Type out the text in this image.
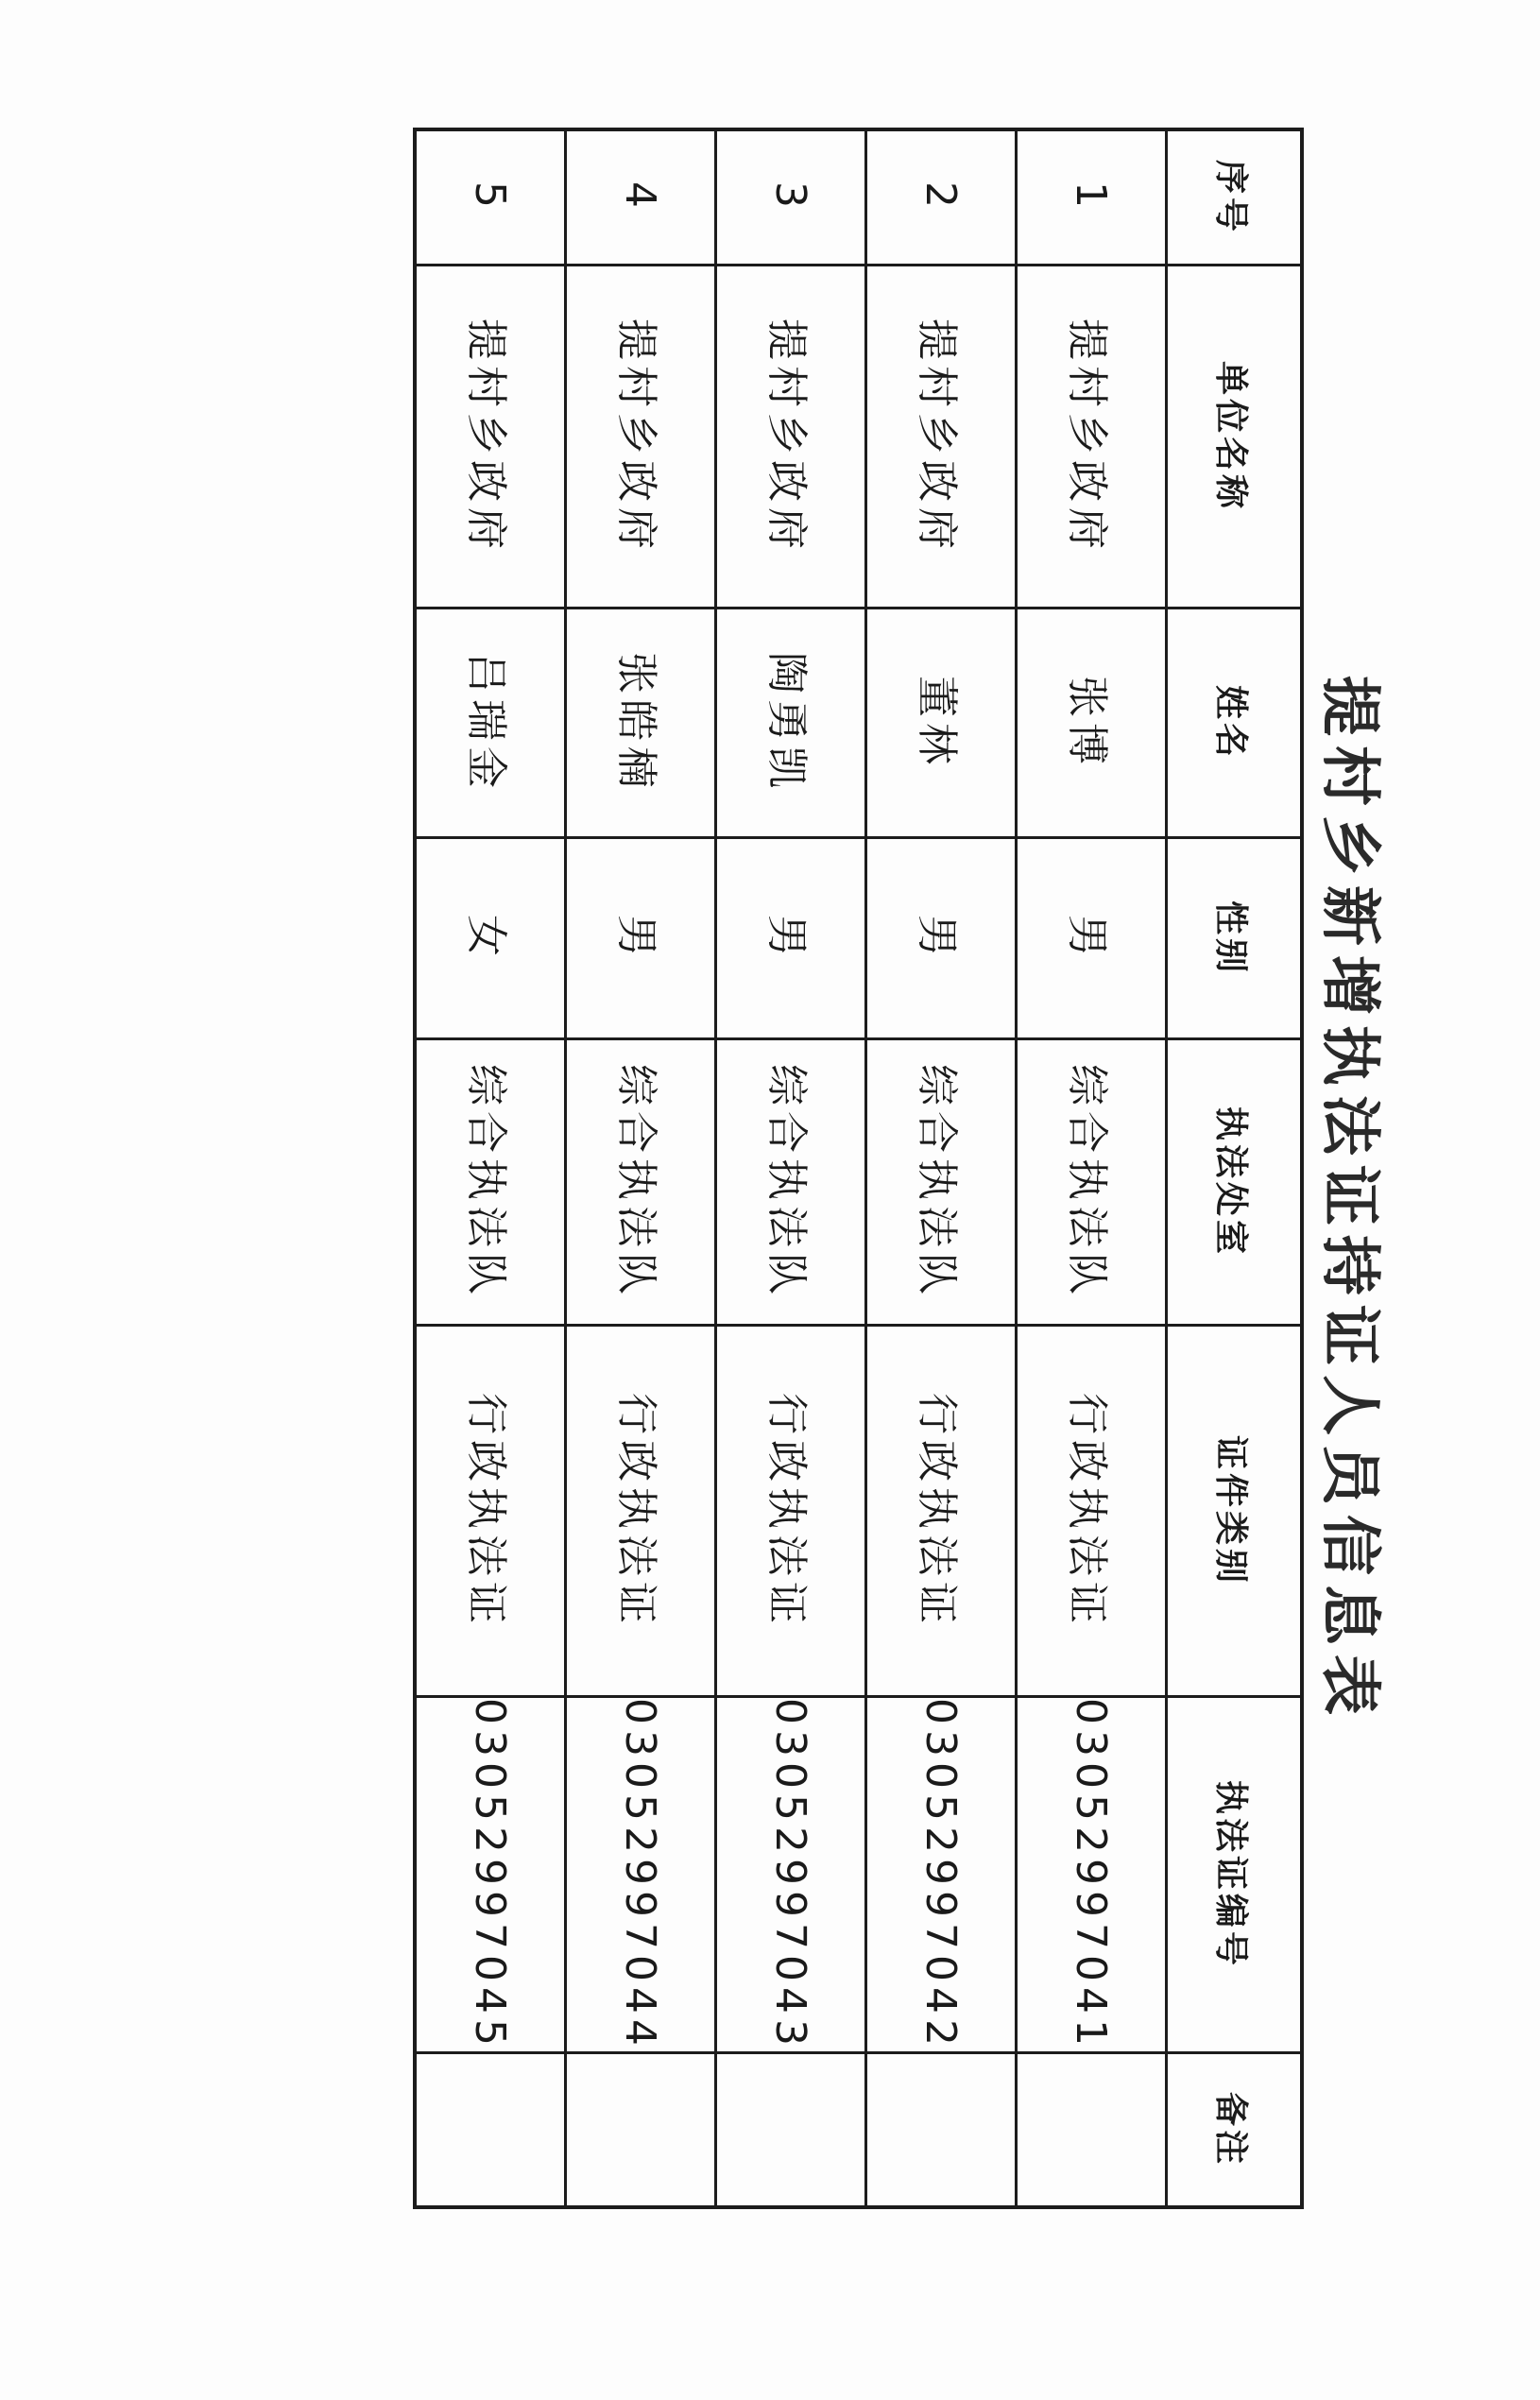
提村乡新增执法证持证人员信息表
序号	单位名称	姓名	性别	执法处室	证件类别	执法证编号	备注
1	提村乡政府	张博	男	综合执法队	行政执法证	03052997041	
2	提村乡政府	董林	男	综合执法队	行政执法证	03052997042	
3	提村乡政府	陶勇凯	男	综合执法队	行政执法证	03052997043	
4	提村乡政府	张皓楠	男	综合执法队	行政执法证	03052997044	
5	提村乡政府	吕瑞金	女	综合执法队	行政执法证	03052997045	
